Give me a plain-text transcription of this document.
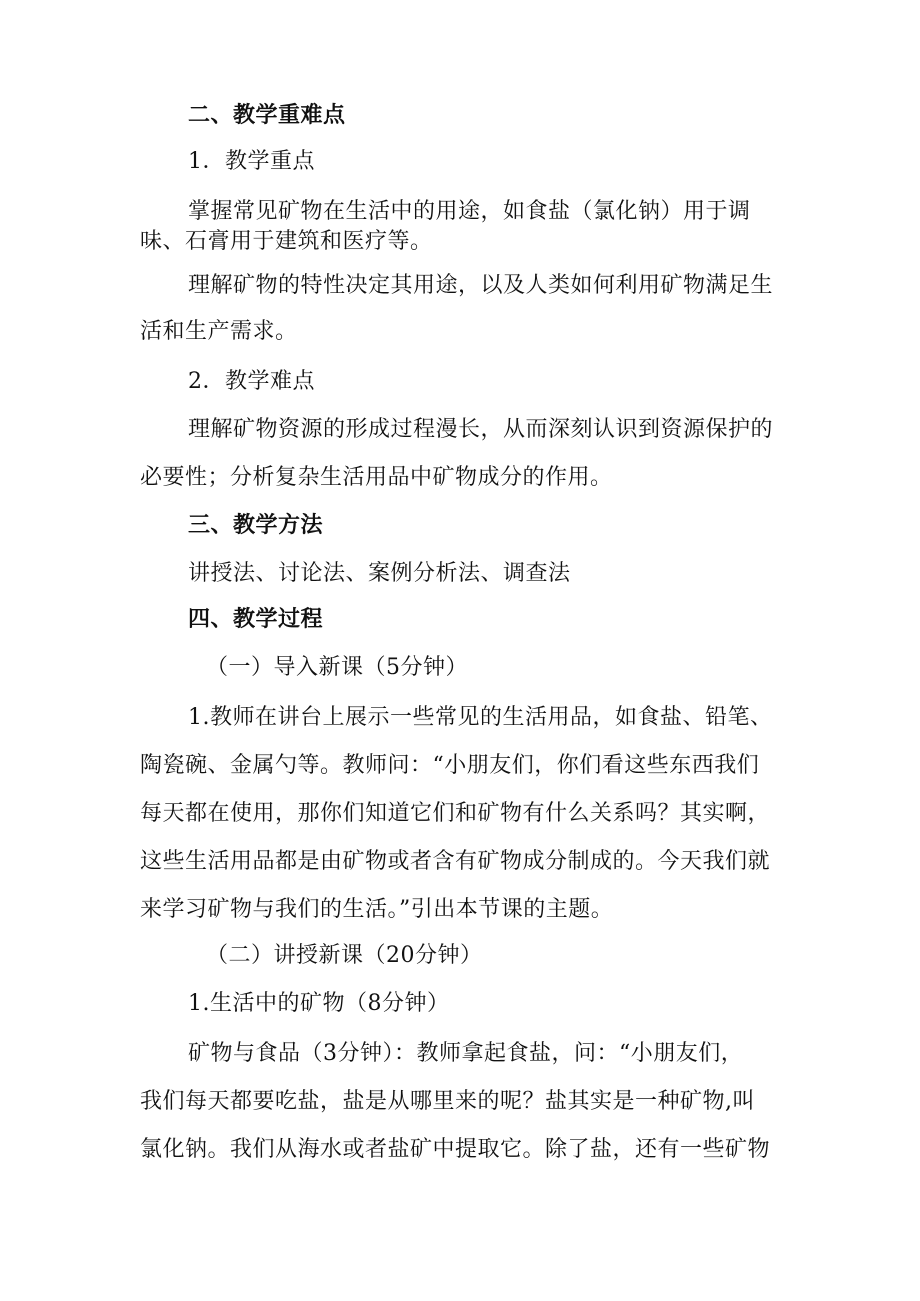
二、教学重难点
1．教学重点
掌握常见矿物在生活中的用途，如食盐（氯化钠）用于调
味、石膏用于建筑和医疗等。
理解矿物的特性决定其用途，以及人类如何利用矿物满足生
活和生产需求。
2．教学难点
理解矿物资源的形成过程漫长，从而深刻认识到资源保护的
必要性；分析复杂生活用品中矿物成分的作用。
三、教学方法
讲授法、讨论法、案例分析法、调查法
四、教学过程
（一）导入新课（5分钟）
1.教师在讲台上展示一些常见的生活用品，如食盐、铅笔、
陶瓷碗、金属勺等。教师问：“小朋友们，你们看这些东西我们
每天都在使用，那你们知道它们和矿物有什么关系吗？其实啊，
这些生活用品都是由矿物或者含有矿物成分制成的。今天我们就
来学习矿物与我们的生活。”引出本节课的主题。
（二）讲授新课（20分钟）
1.生活中的矿物（8分钟）
矿物与食品（3分钟）：教师拿起食盐，问：“小朋友们，
我们每天都要吃盐，盐是从哪里来的呢？盐其实是一种矿物,叫
氯化钠。我们从海水或者盐矿中提取它。除了盐，还有一些矿物
